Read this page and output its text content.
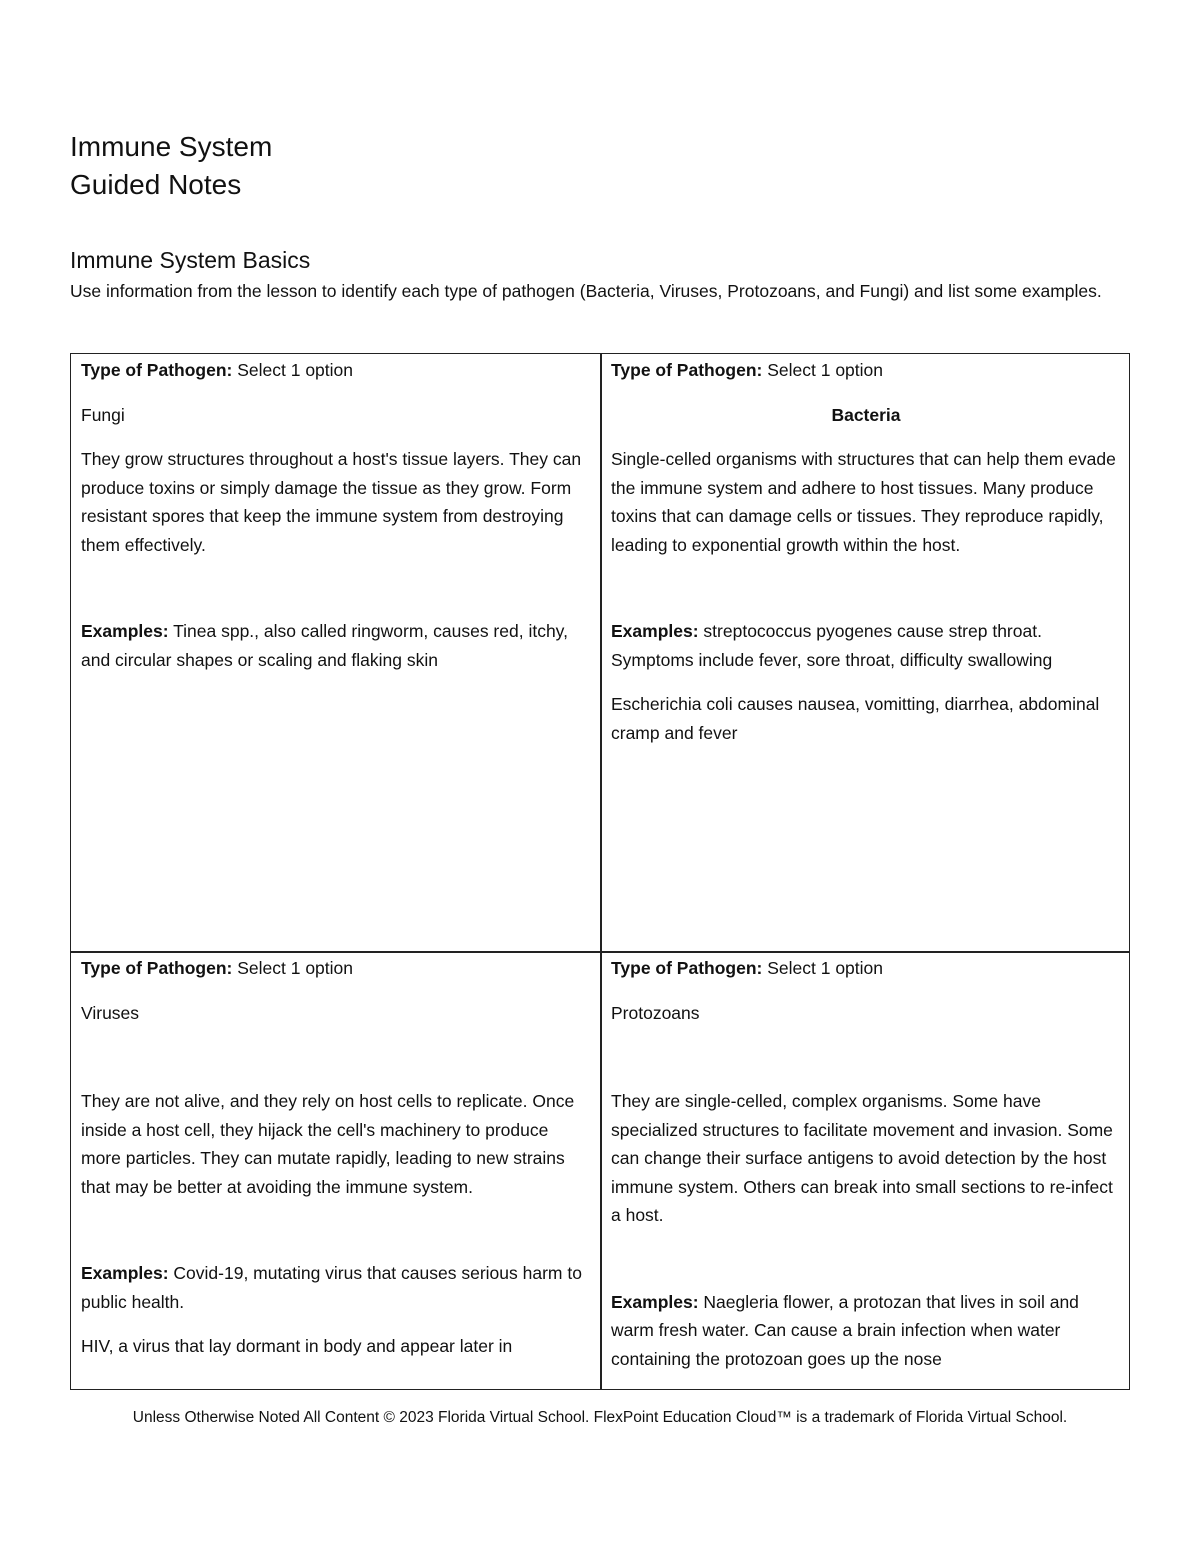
Immune System
Guided Notes
Immune System Basics
Use information from the lesson to identify each type of pathogen (Bacteria, Viruses, Protozoans, and Fungi) and list some examples.

Type of Pathogen: Select 1 option

Fungi

They grow structures throughout a host's tissue layers. They can produce toxins or simply damage the tissue as they grow. Form resistant spores that keep the immune system from destroying them effectively.

Examples: Tinea spp., also called ringworm, causes red, itchy, and circular shapes or scaling and flaking skin

Type of Pathogen: Select 1 option

Bacteria

Single-celled organisms with structures that can help them evade the immune system and adhere to host tissues. Many produce toxins that can damage cells or tissues. They reproduce rapidly, leading to exponential growth within the host.

Examples: streptococcus pyogenes cause strep throat. Symptoms include fever, sore throat, difficulty swallowing

Escherichia coli causes nausea, vomitting, diarrhea, abdominal cramp and fever

Type of Pathogen: Select 1 option

Viruses

They are not alive, and they rely on host cells to replicate. Once inside a host cell, they hijack the cell's machinery to produce more particles. They can mutate rapidly, leading to new strains that may be better at avoiding the immune system.

Examples: Covid-19, mutating virus that causes serious harm to public health.

HIV, a virus that lay dormant in body and appear later in

Type of Pathogen: Select 1 option

Protozoans

They are single-celled, complex organisms. Some have specialized structures to facilitate movement and invasion. Some can change their surface antigens to avoid detection by the host immune system. Others can break into small sections to re-infect a host.

Examples: Naegleria flower, a protozan that lives in soil and warm fresh water. Can cause a brain infection when water containing the protozoan goes up the nose

Unless Otherwise Noted All Content © 2023 Florida Virtual School. FlexPoint Education Cloud™ is a trademark of Florida Virtual School.
